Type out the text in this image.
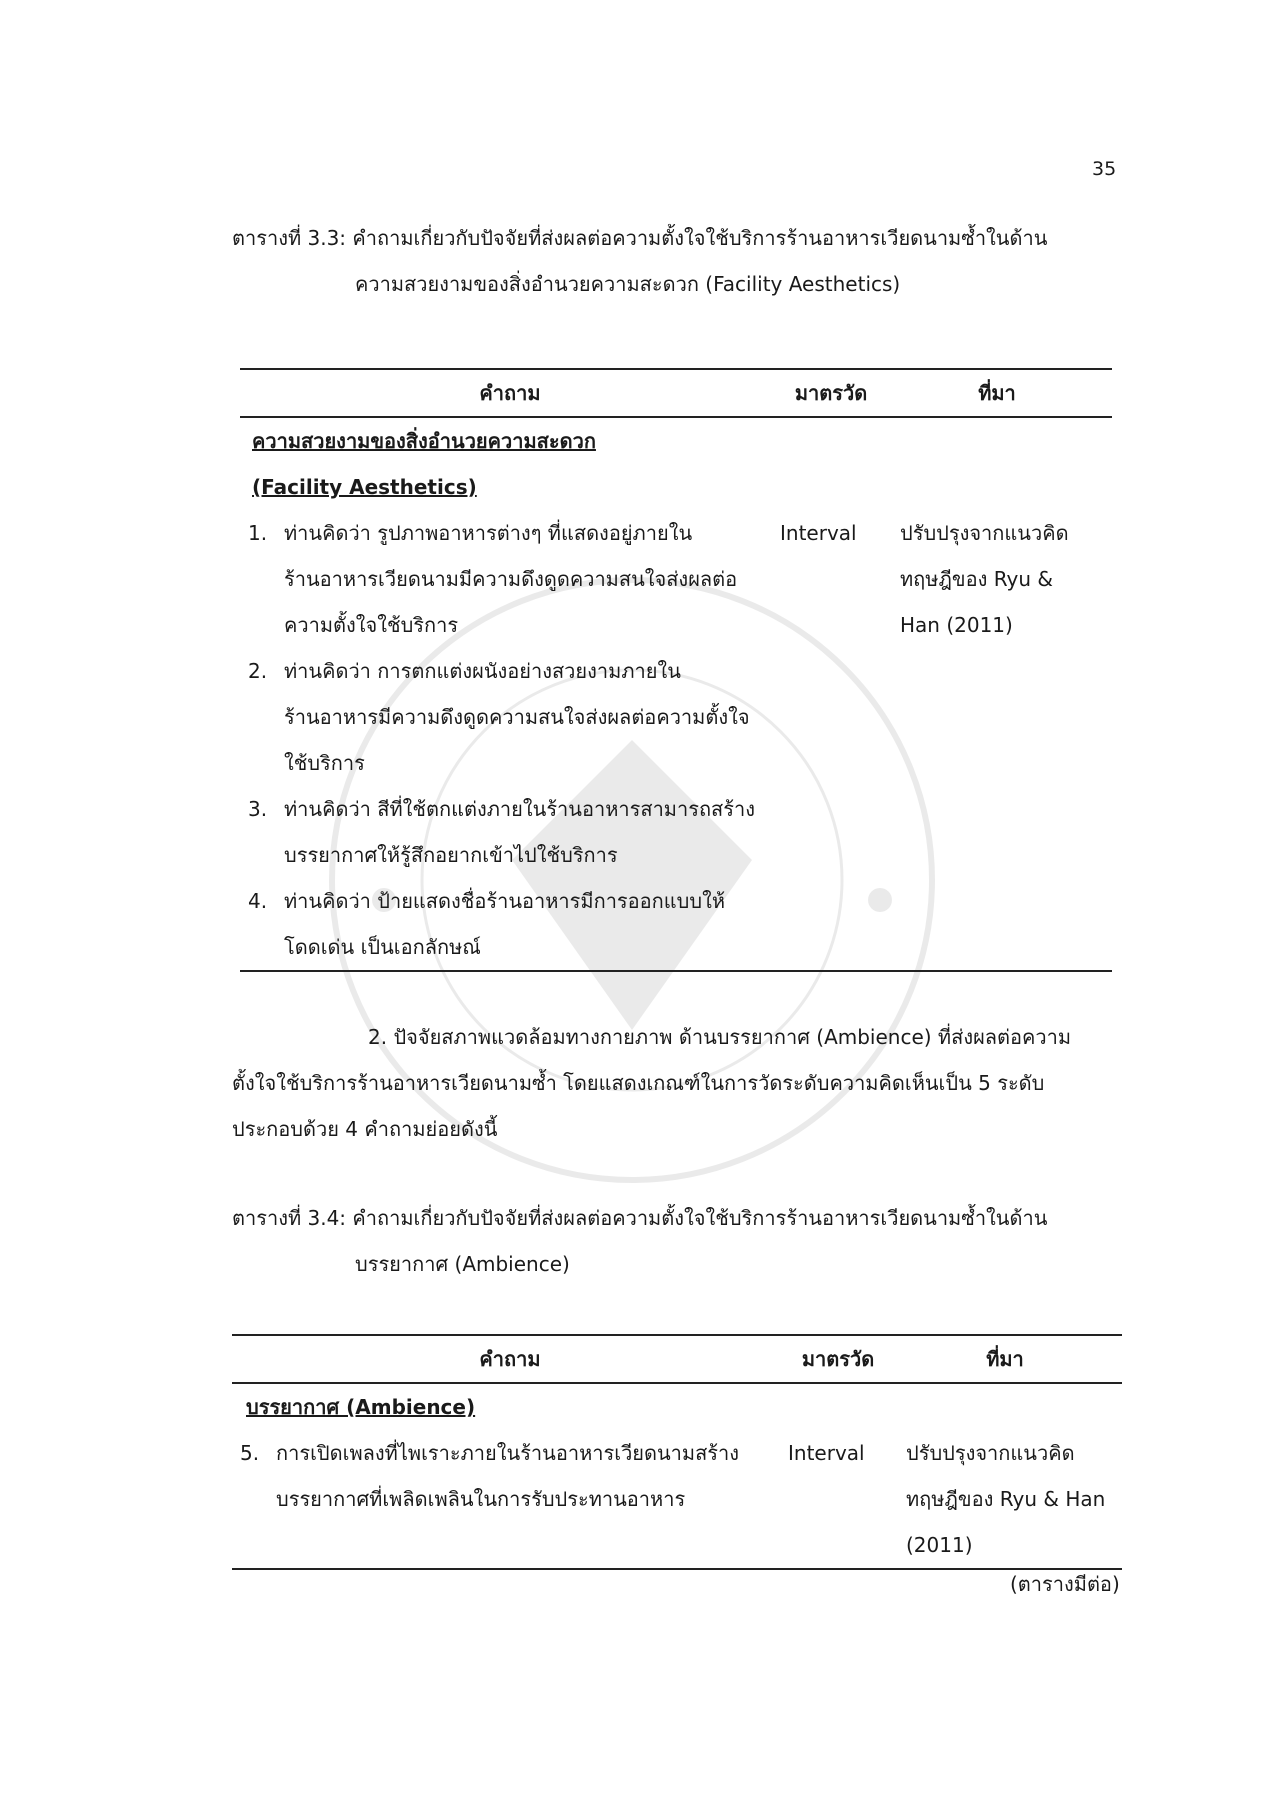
35
ตารางที่ 3.3: คำถามเกี่ยวกับปัจจัยที่ส่งผลต่อความตั้งใจใช้บริการร้านอาหารเวียดนามซ้ำในด้าน
ความสวยงามของสิ่งอำนวยความสะดวก (Facility Aesthetics)
คำถาม	มาตรวัด	ที่มา

ความสวยงามของสิ่งอำนวยความสะดวก
(Facility Aesthetics)		

1. ท่านคิดว่า รูปภาพอาหารต่างๆ ที่แสดงอยู่ภายใน
ร้านอาหารเวียดนามมีความดึงดูดความสนใจส่งผลต่อ
ความตั้งใจใช้บริการ	Interval	ปรับปรุงจากแนวคิด
ทฤษฎีของ Ryu &
Han (2011)

2. ท่านคิดว่า การตกแต่งผนังอย่างสวยงามภายใน
ร้านอาหารมีความดึงดูดความสนใจส่งผลต่อความตั้งใจ
ใช้บริการ		

3. ท่านคิดว่า สีที่ใช้ตกแต่งภายในร้านอาหารสามารถสร้าง
บรรยากาศให้รู้สึกอยากเข้าไปใช้บริการ		

4. ท่านคิดว่า ป้ายแสดงชื่อร้านอาหารมีการออกแบบให้
โดดเด่น เป็นเอกลักษณ์		

2. ปัจจัยสภาพแวดล้อมทางกายภาพ ด้านบรรยากาศ (Ambience) ที่ส่งผลต่อความ
ตั้งใจใช้บริการร้านอาหารเวียดนามซ้ำ โดยแสดงเกณฑ์ในการวัดระดับความคิดเห็นเป็น 5 ระดับ
ประกอบด้วย 4 คำถามย่อยดังนี้
ตารางที่ 3.4: คำถามเกี่ยวกับปัจจัยที่ส่งผลต่อความตั้งใจใช้บริการร้านอาหารเวียดนามซ้ำในด้าน
บรรยากาศ (Ambience)
คำถาม	มาตรวัด	ที่มา

บรรยากาศ (Ambience)		

5. การเปิดเพลงที่ไพเราะภายในร้านอาหารเวียดนามสร้าง
บรรยากาศที่เพลิดเพลินในการรับประทานอาหาร	Interval	ปรับปรุงจากแนวคิด
ทฤษฎีของ Ryu & Han
(2011)
(ตารางมีต่อ)
